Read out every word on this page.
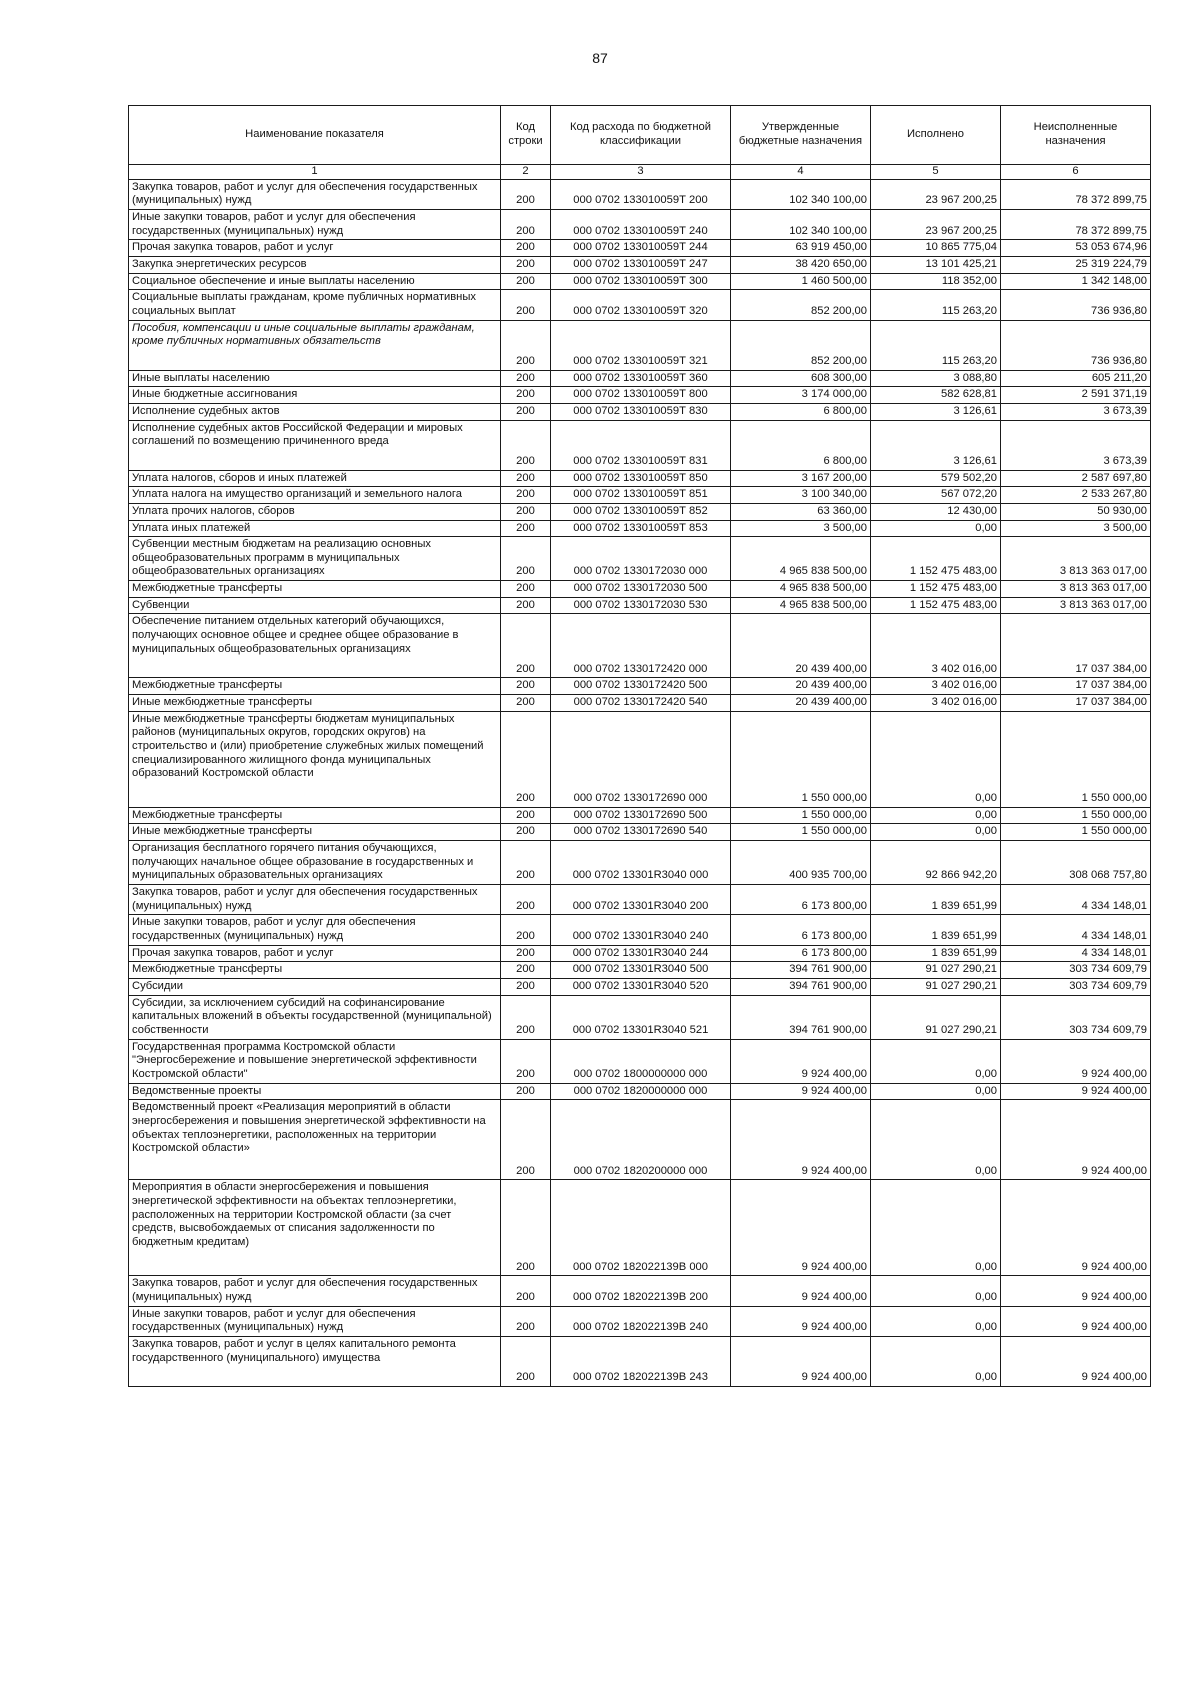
87
Наименование показателя	Код строки	Код расхода по бюджетной классификации	Утвержденные бюджетные назначения	Исполнено	Неисполненные назначения
1	2	3	4	5	6
Закупка товаров, работ и услуг для обеспечения государственных (муниципальных) нужд	200	000 0702 133010059Т 200	102 340 100,00	23 967 200,25	78 372 899,75
Иные закупки товаров, работ и услуг для обеспечения государственных (муниципальных) нужд	200	000 0702 133010059Т 240	102 340 100,00	23 967 200,25	78 372 899,75
Прочая закупка товаров, работ и услуг	200	000 0702 133010059Т 244	63 919 450,00	10 865 775,04	53 053 674,96
Закупка энергетических ресурсов	200	000 0702 133010059Т 247	38 420 650,00	13 101 425,21	25 319 224,79
Социальное обеспечение и иные выплаты населению	200	000 0702 133010059Т 300	1 460 500,00	118 352,00	1 342 148,00
Социальные выплаты гражданам, кроме публичных нормативных социальных выплат	200	000 0702 133010059Т 320	852 200,00	115 263,20	736 936,80
Пособия, компенсации и иные социальные выплаты гражданам, кроме публичных нормативных обязательств	200	000 0702 133010059Т 321	852 200,00	115 263,20	736 936,80
Иные выплаты населению	200	000 0702 133010059Т 360	608 300,00	3 088,80	605 211,20
Иные бюджетные ассигнования	200	000 0702 133010059Т 800	3 174 000,00	582 628,81	2 591 371,19
Исполнение судебных актов	200	000 0702 133010059Т 830	6 800,00	3 126,61	3 673,39
Исполнение судебных актов Российской Федерации и мировых соглашений по возмещению причиненного вреда	200	000 0702 133010059Т 831	6 800,00	3 126,61	3 673,39
Уплата налогов, сборов и иных платежей	200	000 0702 133010059Т 850	3 167 200,00	579 502,20	2 587 697,80
Уплата налога на имущество организаций и земельного налога	200	000 0702 133010059Т 851	3 100 340,00	567 072,20	2 533 267,80
Уплата прочих налогов, сборов	200	000 0702 133010059Т 852	63 360,00	12 430,00	50 930,00
Уплата иных платежей	200	000 0702 133010059Т 853	3 500,00	0,00	3 500,00
Субвенции местным бюджетам на реализацию основных общеобразовательных программ в муниципальных общеобразовательных организациях	200	000 0702 1330172030 000	4 965 838 500,00	1 152 475 483,00	3 813 363 017,00
Межбюджетные трансферты	200	000 0702 1330172030 500	4 965 838 500,00	1 152 475 483,00	3 813 363 017,00
Субвенции	200	000 0702 1330172030 530	4 965 838 500,00	1 152 475 483,00	3 813 363 017,00
Обеспечение питанием отдельных категорий обучающихся, получающих основное общее и среднее общее образование в муниципальных общеобразовательных организациях	200	000 0702 1330172420 000	20 439 400,00	3 402 016,00	17 037 384,00
Межбюджетные трансферты	200	000 0702 1330172420 500	20 439 400,00	3 402 016,00	17 037 384,00
Иные межбюджетные трансферты	200	000 0702 1330172420 540	20 439 400,00	3 402 016,00	17 037 384,00
Иные межбюджетные трансферты бюджетам муниципальных районов (муниципальных округов, городских округов) на строительство и (или) приобретение служебных жилых помещений специализированного жилищного фонда муниципальных образований Костромской области	200	000 0702 1330172690 000	1 550 000,00	0,00	1 550 000,00
Межбюджетные трансферты	200	000 0702 1330172690 500	1 550 000,00	0,00	1 550 000,00
Иные межбюджетные трансферты	200	000 0702 1330172690 540	1 550 000,00	0,00	1 550 000,00
Организация бесплатного горячего питания обучающихся, получающих начальное общее образование в государственных и муниципальных образовательных организациях	200	000 0702 13301R3040 000	400 935 700,00	92 866 942,20	308 068 757,80
Закупка товаров, работ и услуг для обеспечения государственных (муниципальных) нужд	200	000 0702 13301R3040 200	6 173 800,00	1 839 651,99	4 334 148,01
Иные закупки товаров, работ и услуг для обеспечения государственных (муниципальных) нужд	200	000 0702 13301R3040 240	6 173 800,00	1 839 651,99	4 334 148,01
Прочая закупка товаров, работ и услуг	200	000 0702 13301R3040 244	6 173 800,00	1 839 651,99	4 334 148,01
Межбюджетные трансферты	200	000 0702 13301R3040 500	394 761 900,00	91 027 290,21	303 734 609,79
Субсидии	200	000 0702 13301R3040 520	394 761 900,00	91 027 290,21	303 734 609,79
Субсидии, за исключением субсидий на софинансирование капитальных вложений в объекты государственной (муниципальной) собственности	200	000 0702 13301R3040 521	394 761 900,00	91 027 290,21	303 734 609,79
Государственная программа Костромской области "Энергосбережение и повышение энергетической эффективности Костромской области"	200	000 0702 1800000000 000	9 924 400,00	0,00	9 924 400,00
Ведомственные проекты	200	000 0702 1820000000 000	9 924 400,00	0,00	9 924 400,00
Ведомственный проект «Реализация мероприятий в области энергосбережения и повышения энергетической эффективности на объектах теплоэнергетики, расположенных на территории Костромской области»	200	000 0702 1820200000 000	9 924 400,00	0,00	9 924 400,00
Мероприятия в области энергосбережения и повышения энергетической эффективности на объектах теплоэнергетики, расположенных на территории Костромской области (за счет средств, высвобождаемых от списания задолженности по бюджетным кредитам)	200	000 0702 182022139В 000	9 924 400,00	0,00	9 924 400,00
Закупка товаров, работ и услуг для обеспечения государственных (муниципальных) нужд	200	000 0702 182022139В 200	9 924 400,00	0,00	9 924 400,00
Иные закупки товаров, работ и услуг для обеспечения государственных (муниципальных) нужд	200	000 0702 182022139В 240	9 924 400,00	0,00	9 924 400,00
Закупка товаров, работ и услуг в целях капитального ремонта государственного (муниципального) имущества	200	000 0702 182022139В 243	9 924 400,00	0,00	9 924 400,00
